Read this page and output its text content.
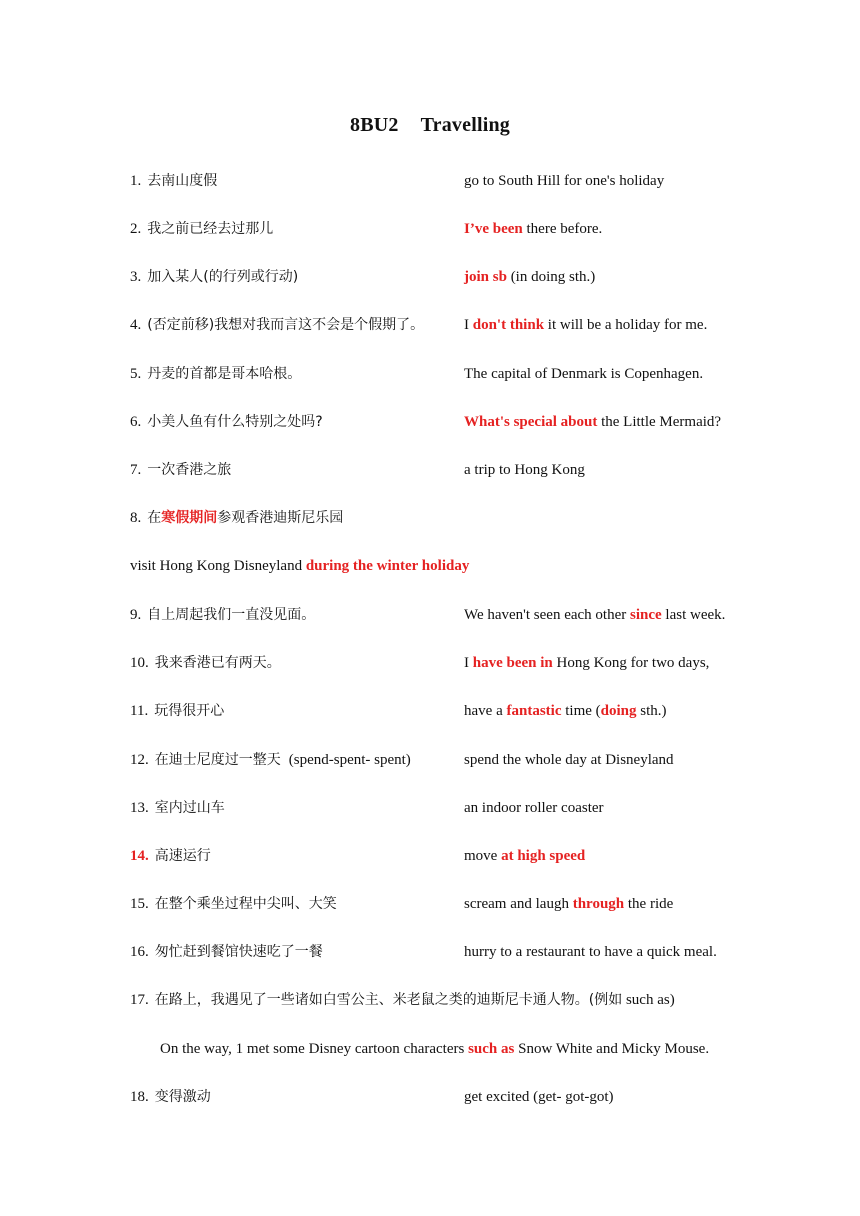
8BU2 Travelling
1. 去南山度假	go to South Hill for one's holiday
2. 我之前已经去过那儿	I’ve been there before.
3. 加入某人(的行列或行动)	join sb (in doing sth.)
4. (否定前移)我想对我而言这不会是个假期了。	I don't think it will be a holiday for me.
5. 丹麦的首都是哥本哈根。	The capital of Denmark is Copenhagen.
6. 小美人鱼有什么特别之处吗?	What's special about the Little Mermaid?
7. 一次香港之旅	a trip to Hong Kong
8. 在寒假期间参观香港迪斯尼乐园
visit Hong Kong Disneyland during the winter holiday
9. 自上周起我们一直没见面。	We haven't seen each other since last week.
10. 我来香港已有两天。	I have been in Hong Kong for two days,
11. 玩得很开心	have a fantastic time (doing sth.)
12. 在迪士尼度过一整天 (spend-spent- spent)	spend the whole day at Disneyland
13. 室内过山车	an indoor roller coaster
14. 高速运行	move at high speed
15. 在整个乘坐过程中尖叫、大笑	scream and laugh through the ride
16. 匆忙赶到餐馆快速吃了一餐	hurry to a restaurant to have a quick meal.
17. 在路上，我遇见了一些诸如白雪公主、米老鼠之类的迪斯尼卡通人物。(例如 such as)
On the way, 1 met some Disney cartoon characters such as Snow White and Micky Mouse.
18. 变得激动	get excited (get- got-got)
